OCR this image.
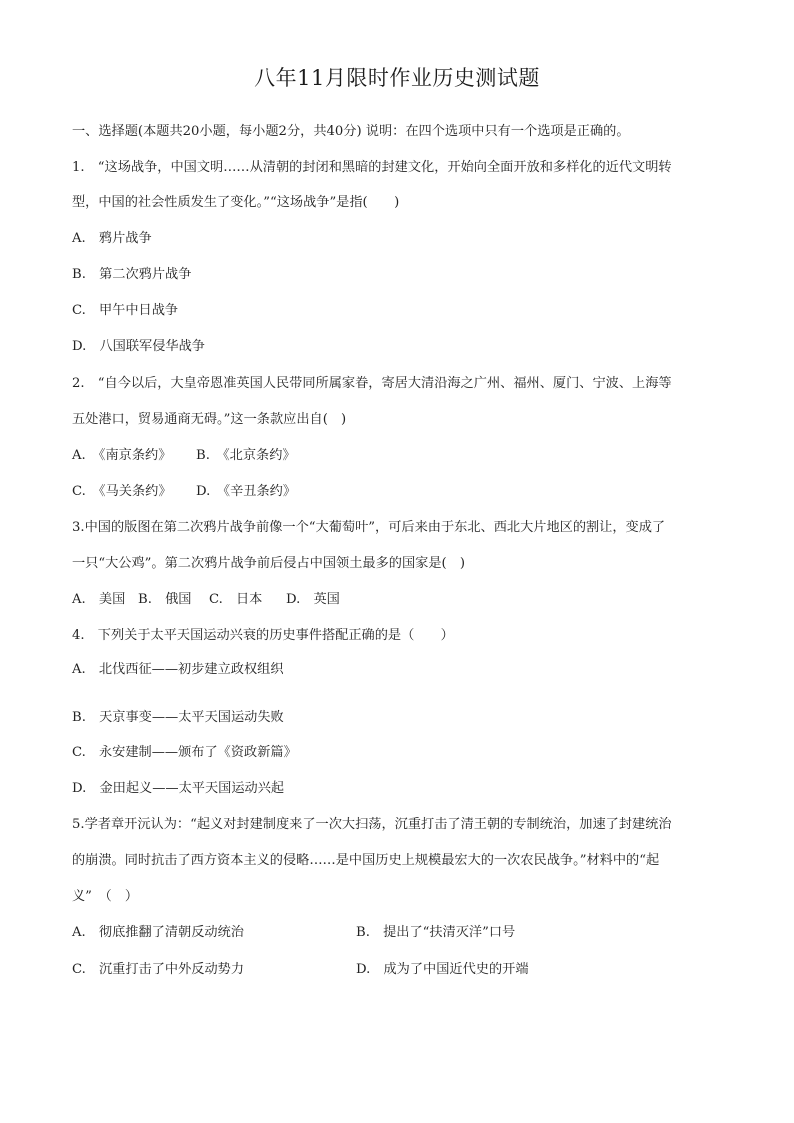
八年11月限时作业历史测试题
一、选择题(本题共20小题，每小题2分，共40分) 说明：在四个选项中只有一个选项是正确的。
1.　“这场战争，中国文明……从清朝的封闭和黑暗的封建文化，开始向全面开放和多样化的近代文明转
型，中国的社会性质发生了变化。”“这场战争”是指(　　)
A.　鸦片战争
B.　第二次鸦片战争
C.　甲午中日战争
D.　八国联军侵华战争
2.　“自今以后，大皇帝恩准英国人民带同所属家眷，寄居大清沿海之广州、福州、厦门、宁波、上海等
五处港口，贸易通商无碍。”这一条款应出自(　)
A.　《南京条约》 B.　《北京条约》
C.　《马关条约》 D.　《辛丑条约》
3.中国的版图在第二次鸦片战争前像一个“大葡萄叶”，可后来由于东北、西北大片地区的割让，变成了
一只“大公鸡”。第二次鸦片战争前后侵占中国领土最多的国家是(　)
A.　美国 B.　俄国 C.　日本 D.　英国
4.　下列关于太平天国运动兴衰的历史事件搭配正确的是（　　）
A.　北伐西征——初步建立政权组织
B.　天京事变——太平天国运动失败
C.　永安建制——颁布了《资政新篇》
D.　金田起义——太平天国运动兴起
5.学者章开沅认为：“起义对封建制度来了一次大扫荡，沉重打击了清王朝的专制统治，加速了封建统治
的崩溃。同时抗击了西方资本主义的侵略……是中国历史上规模最宏大的一次农民战争。”材料中的“起
义”　（　）
A.　彻底推翻了清朝反动统治	B.　提出了“扶清灭洋”口号
C.　沉重打击了中外反动势力	D.　成为了中国近代史的开端
